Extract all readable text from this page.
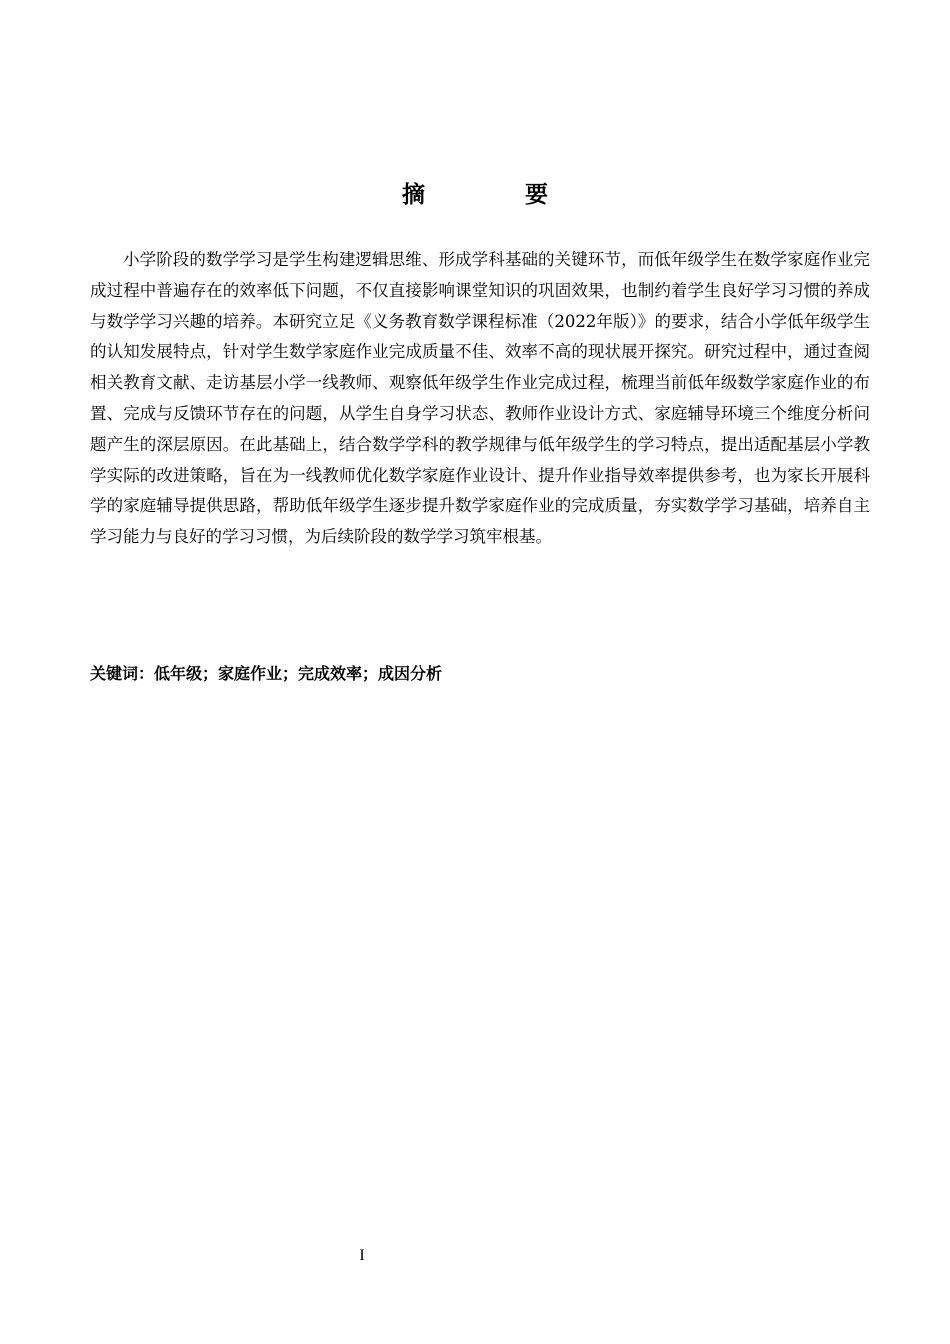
摘 要

小学阶段的数学学习是学生构建逻辑思维、形成学科基础的关键环节，而低年级学生在数学家庭作业完成过程中普遍存在的效率低下问题，不仅直接影响课堂知识的巩固效果，也制约着学生良好学习习惯的养成与数学学习兴趣的培养。本研究立足《义务教育数学课程标准（2022年版）》的要求，结合小学低年级学生的认知发展特点，针对学生数学家庭作业完成质量不佳、效率不高的现状展开探究。研究过程中，通过查阅相关教育文献、走访基层小学一线教师、观察低年级学生作业完成过程，梳理当前低年级数学家庭作业的布置、完成与反馈环节存在的问题，从学生自身学习状态、教师作业设计方式、家庭辅导环境三个维度分析问题产生的深层原因。在此基础上，结合数学学科的教学规律与低年级学生的学习特点，提出适配基层小学教学实际的改进策略，旨在为一线教师优化数学家庭作业设计、提升作业指导效率提供参考，也为家长开展科学的家庭辅导提供思路，帮助低年级学生逐步提升数学家庭作业的完成质量，夯实数学学习基础，培养自主学习能力与良好的学习习惯，为后续阶段的数学学习筑牢根基。

关键词：低年级；家庭作业；完成效率；成因分析
I
